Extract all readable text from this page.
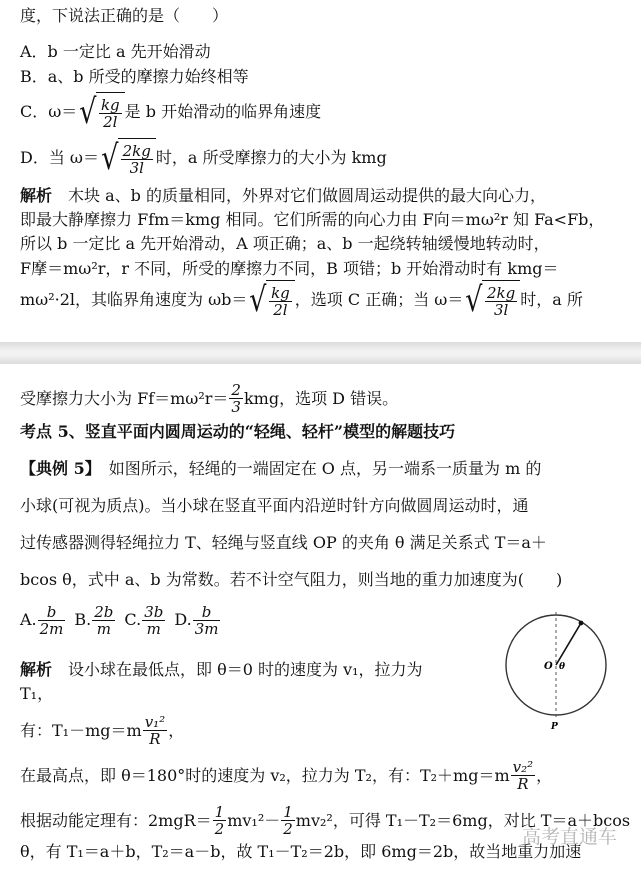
度，下说法正确的是（　　）
A．b 一定比 a 先开始滑动
B．a、b 所受的摩擦力始终相等
C．ω＝ √ $\frac{kg}{2l}$ 是 b 开始滑动的临界角速度
D．当 ω＝ √ $\frac{2kg}{3l}$ 时，a 所受摩擦力的大小为 kmg
解析　木块 a、b 的质量相同，外界对它们做圆周运动提供的最大向心力，
即最大静摩擦力 Ffm＝kmg 相同。它们所需的向心力由 F向＝mω²r 知 Fa<Fb，
所以 b 一定比 a 先开始滑动，A 项正确；a、b 一起绕转轴缓慢地转动时，
F摩＝mω²r，r 不同，所受的摩擦力不同，B 项错；b 开始滑动时有 kmg＝
mω²·2l，其临界角速度为 ωb＝ √ $\frac{kg}{2l}$ ，选项 C 正确；当 ω＝ √ $\frac{2kg}{3l}$ 时，a 所
受摩擦力大小为 $Ff=m\omega^2r= \frac{2}{3}$ kmg，选项 D 错误。
考点 5、竖直平面内圆周运动的“轻绳、轻杆”模型的解题技巧
【典例 5】　如图所示，轻绳的一端固定在 O 点，另一端系一质量为 m 的
小球(可视为质点)。当小球在竖直平面内沿逆时针方向做圆周运动时，通
过传感器测得轻绳拉力 T、轻绳与竖直线 OP 的夹角 θ 满足关系式 T＝a＋
bcos θ，式中 a、b 为常数。若不计空气阻力，则当地的重力加速度为(　　)
A. $\frac{b}{2m} B$. $\frac{2b}{m} C$. $\frac{3b}{m} D$. $\frac{b}{3m}$
解析　设小球在最低点，即 θ＝0 时的速度为 v₁，拉力为
T₁，
有：$T_1-mg=m \frac{\text{v₁²}}{R}$ ，
在最高点，即 θ＝180°时的速度为 v₂，拉力为 T₂，有：$T_2+mg=m \frac{\text{v₂²}}{R}$ ，
根据动能定理有：$2mgR= \frac{1}{2} mv_1^2- \frac{1}{2} mv_2^2$，可得 T₁－T₂＝6mg，对比 T＝a＋bcos
θ，有 T₁＝a＋b，T₂＝a－b，故 T₁－T₂＝2b，即 6mg＝2b，故当地重力加速
O θ
P
高考直通车
